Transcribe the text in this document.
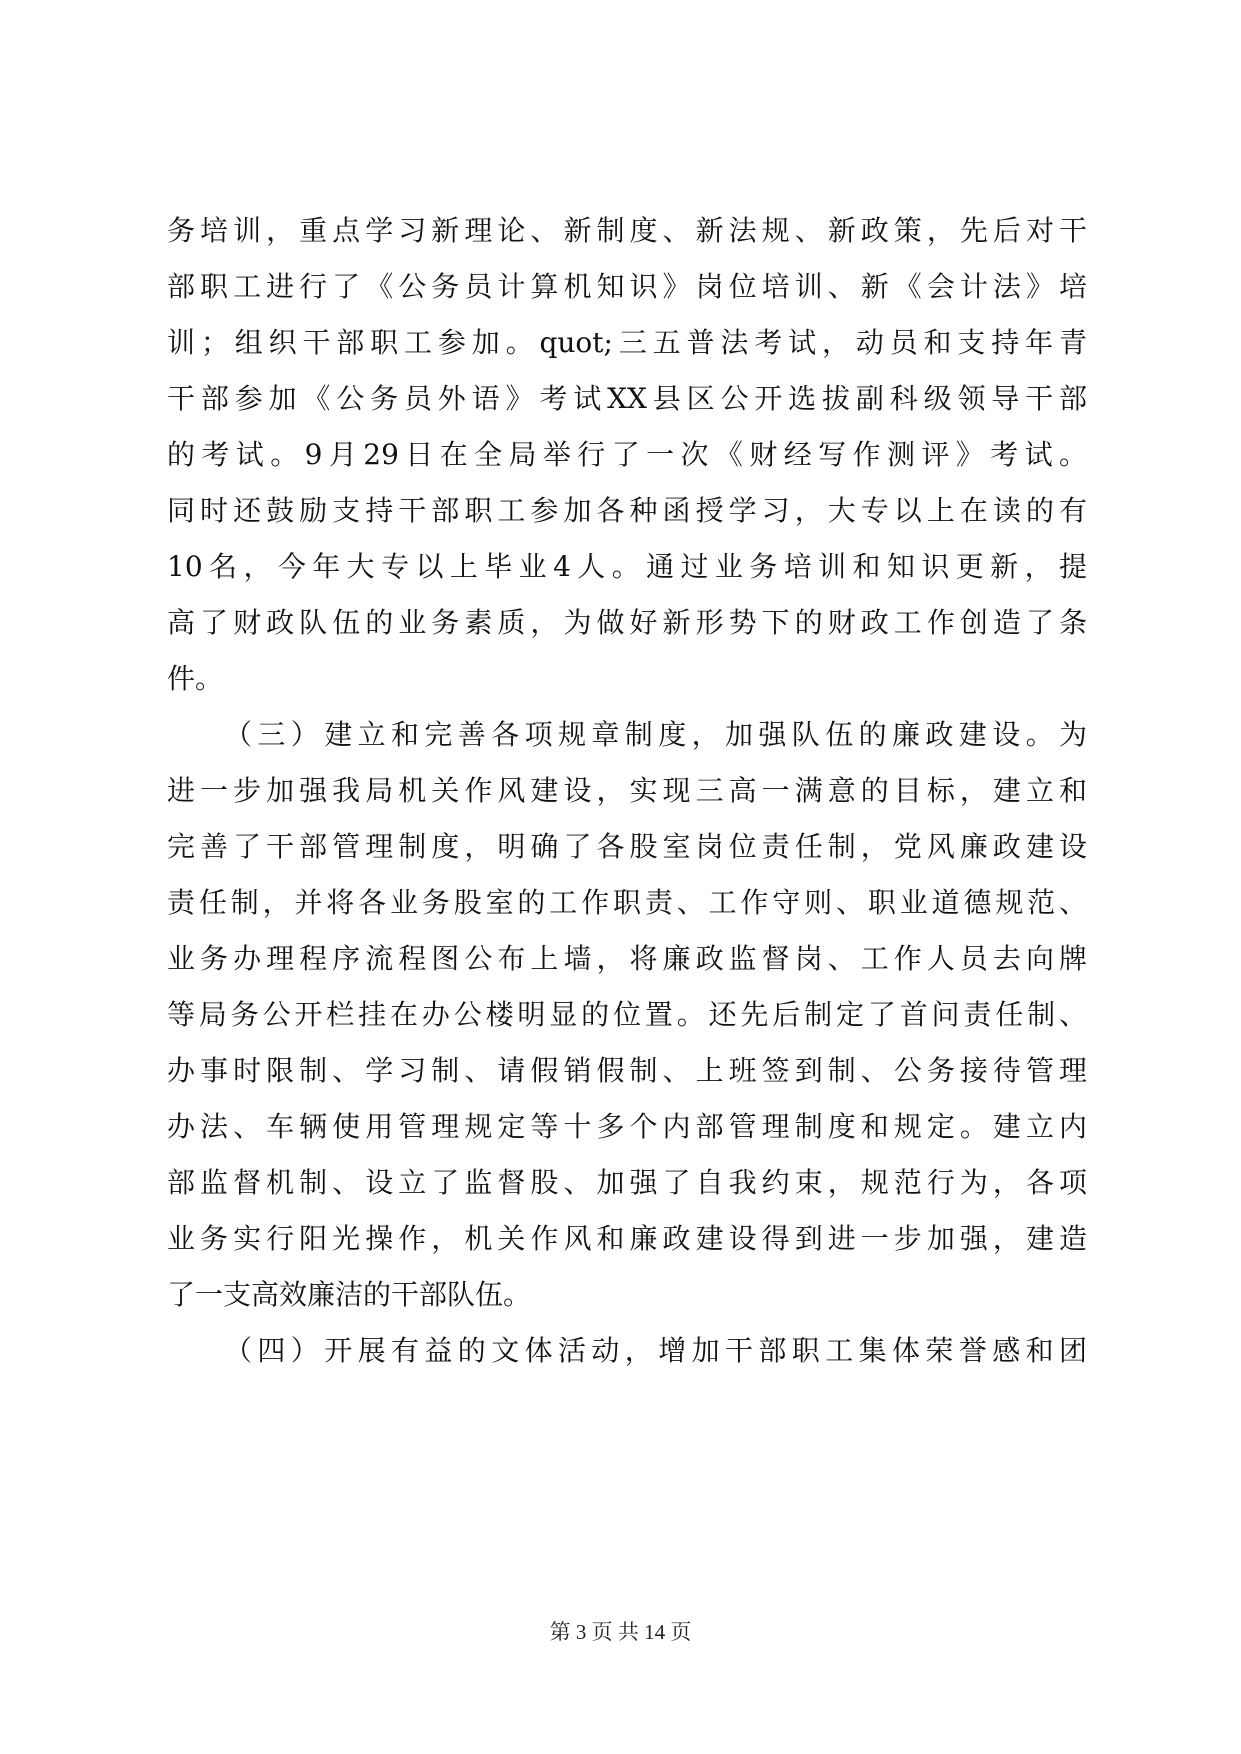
务培训，重点学习新理论、新制度、新法规、新政策，先后对干
部职工进行了《公务员计算机知识》岗位培训、新《会计法》培
训；组织干部职工参加。quot;三五普法考试，动员和支持年青
干部参加《公务员外语》考试XX县区公开选拔副科级领导干部
的考试。9月29日在全局举行了一次《财经写作测评》考试。
同时还鼓励支持干部职工参加各种函授学习，大专以上在读的有
10名，今年大专以上毕业4人。通过业务培训和知识更新，提
高了财政队伍的业务素质，为做好新形势下的财政工作创造了条
件。
（三）建立和完善各项规章制度，加强队伍的廉政建设。为
进一步加强我局机关作风建设，实现三高一满意的目标，建立和
完善了干部管理制度，明确了各股室岗位责任制，党风廉政建设
责任制，并将各业务股室的工作职责、工作守则、职业道德规范、
业务办理程序流程图公布上墙，将廉政监督岗、工作人员去向牌
等局务公开栏挂在办公楼明显的位置。还先后制定了首问责任制、
办事时限制、学习制、请假销假制、上班签到制、公务接待管理
办法、车辆使用管理规定等十多个内部管理制度和规定。建立内
部监督机制、设立了监督股、加强了自我约束，规范行为，各项
业务实行阳光操作，机关作风和廉政建设得到进一步加强，建造
了一支高效廉洁的干部队伍。
（四）开展有益的文体活动，增加干部职工集体荣誉感和团
第 3 页 共 14 页
